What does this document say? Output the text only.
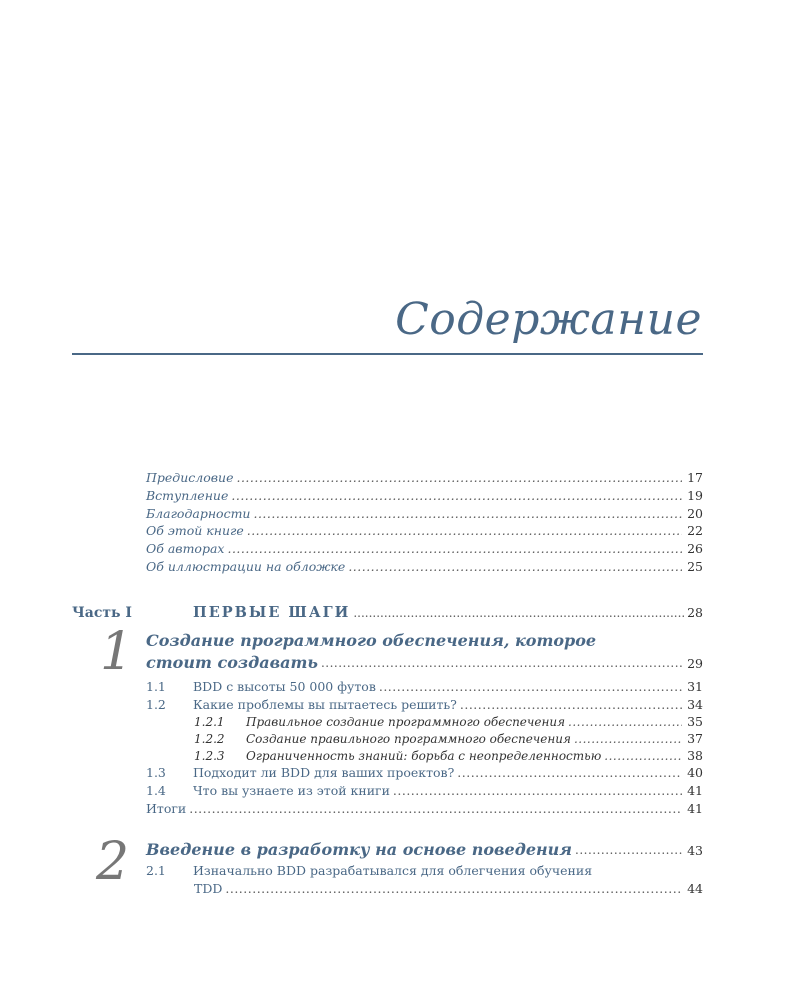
Содержание
Предисловие .....	17
Вступление .....	19
Благодарности .....	20
Об этой книге .....	22
Об авторах .....	26
Об иллюстрации на обложке .....	25
Часть I	ПЕРВЫЕ ШАГИ .....	28
1 Создание программного обеспечения, которое
стоит создавать .....	29
1.1	BDD с высоты 50 000 футов .....	31
1.2	Какие проблемы вы пытаетесь решить? .....	34
1.2.1	Правильное создание программного обеспечения .....	35
1.2.2	Создание правильного программного обеспечения .....	37
1.2.3	Ограниченность знаний: борьба с неопределенностью .....	38
1.3	Подходит ли BDD для ваших проектов? .....	40
1.4	Что вы узнаете из этой книги .....	41
Итоги .....	41
2 Введение в разработку на основе поведения .....	43
2.1 Изначально BDD разрабатывался для облегчения обучения
TDD .....	44
